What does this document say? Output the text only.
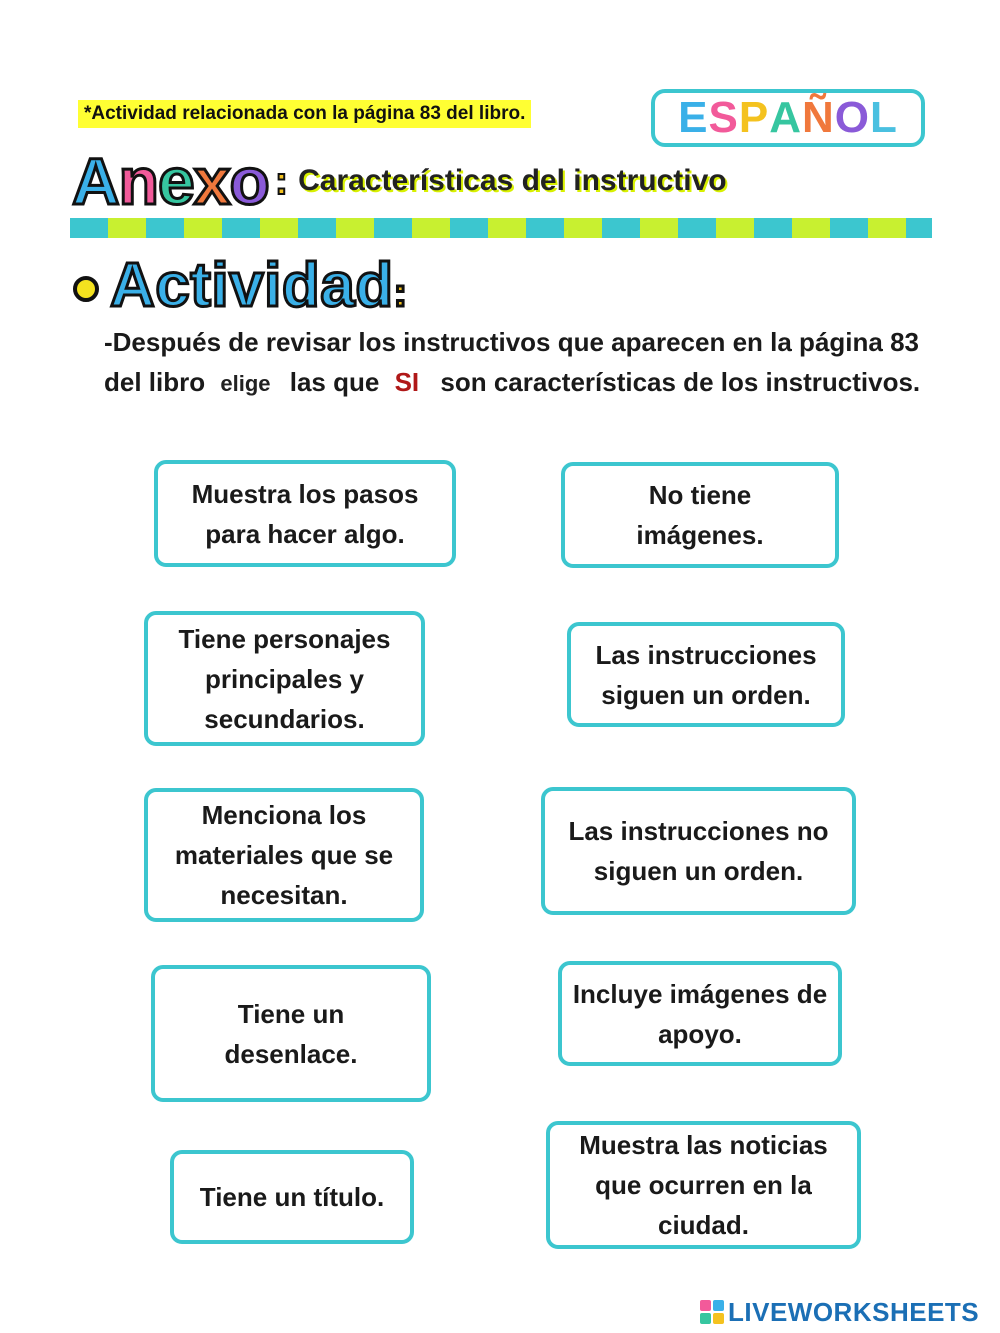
*Actividad relacionada con la página 83 del libro.	E S P A Ñ O L
Anexo : Características del instructivo
Actividad:
-Después de revisar los instructivos que aparecen en la página 83 del libro elige las que SI son características de los instructivos.
Muestra los pasos para hacer algo.
No tiene imágenes.
Tiene personajes principales y secundarios.
Las instrucciones siguen un orden.
Menciona los materiales que se necesitan.
Las instrucciones no siguen un orden.
Tiene un desenlace.
Incluye imágenes de apoyo.
Tiene un título.
Muestra las noticias que ocurren en la ciudad.
LIVEWORKSHEETS
